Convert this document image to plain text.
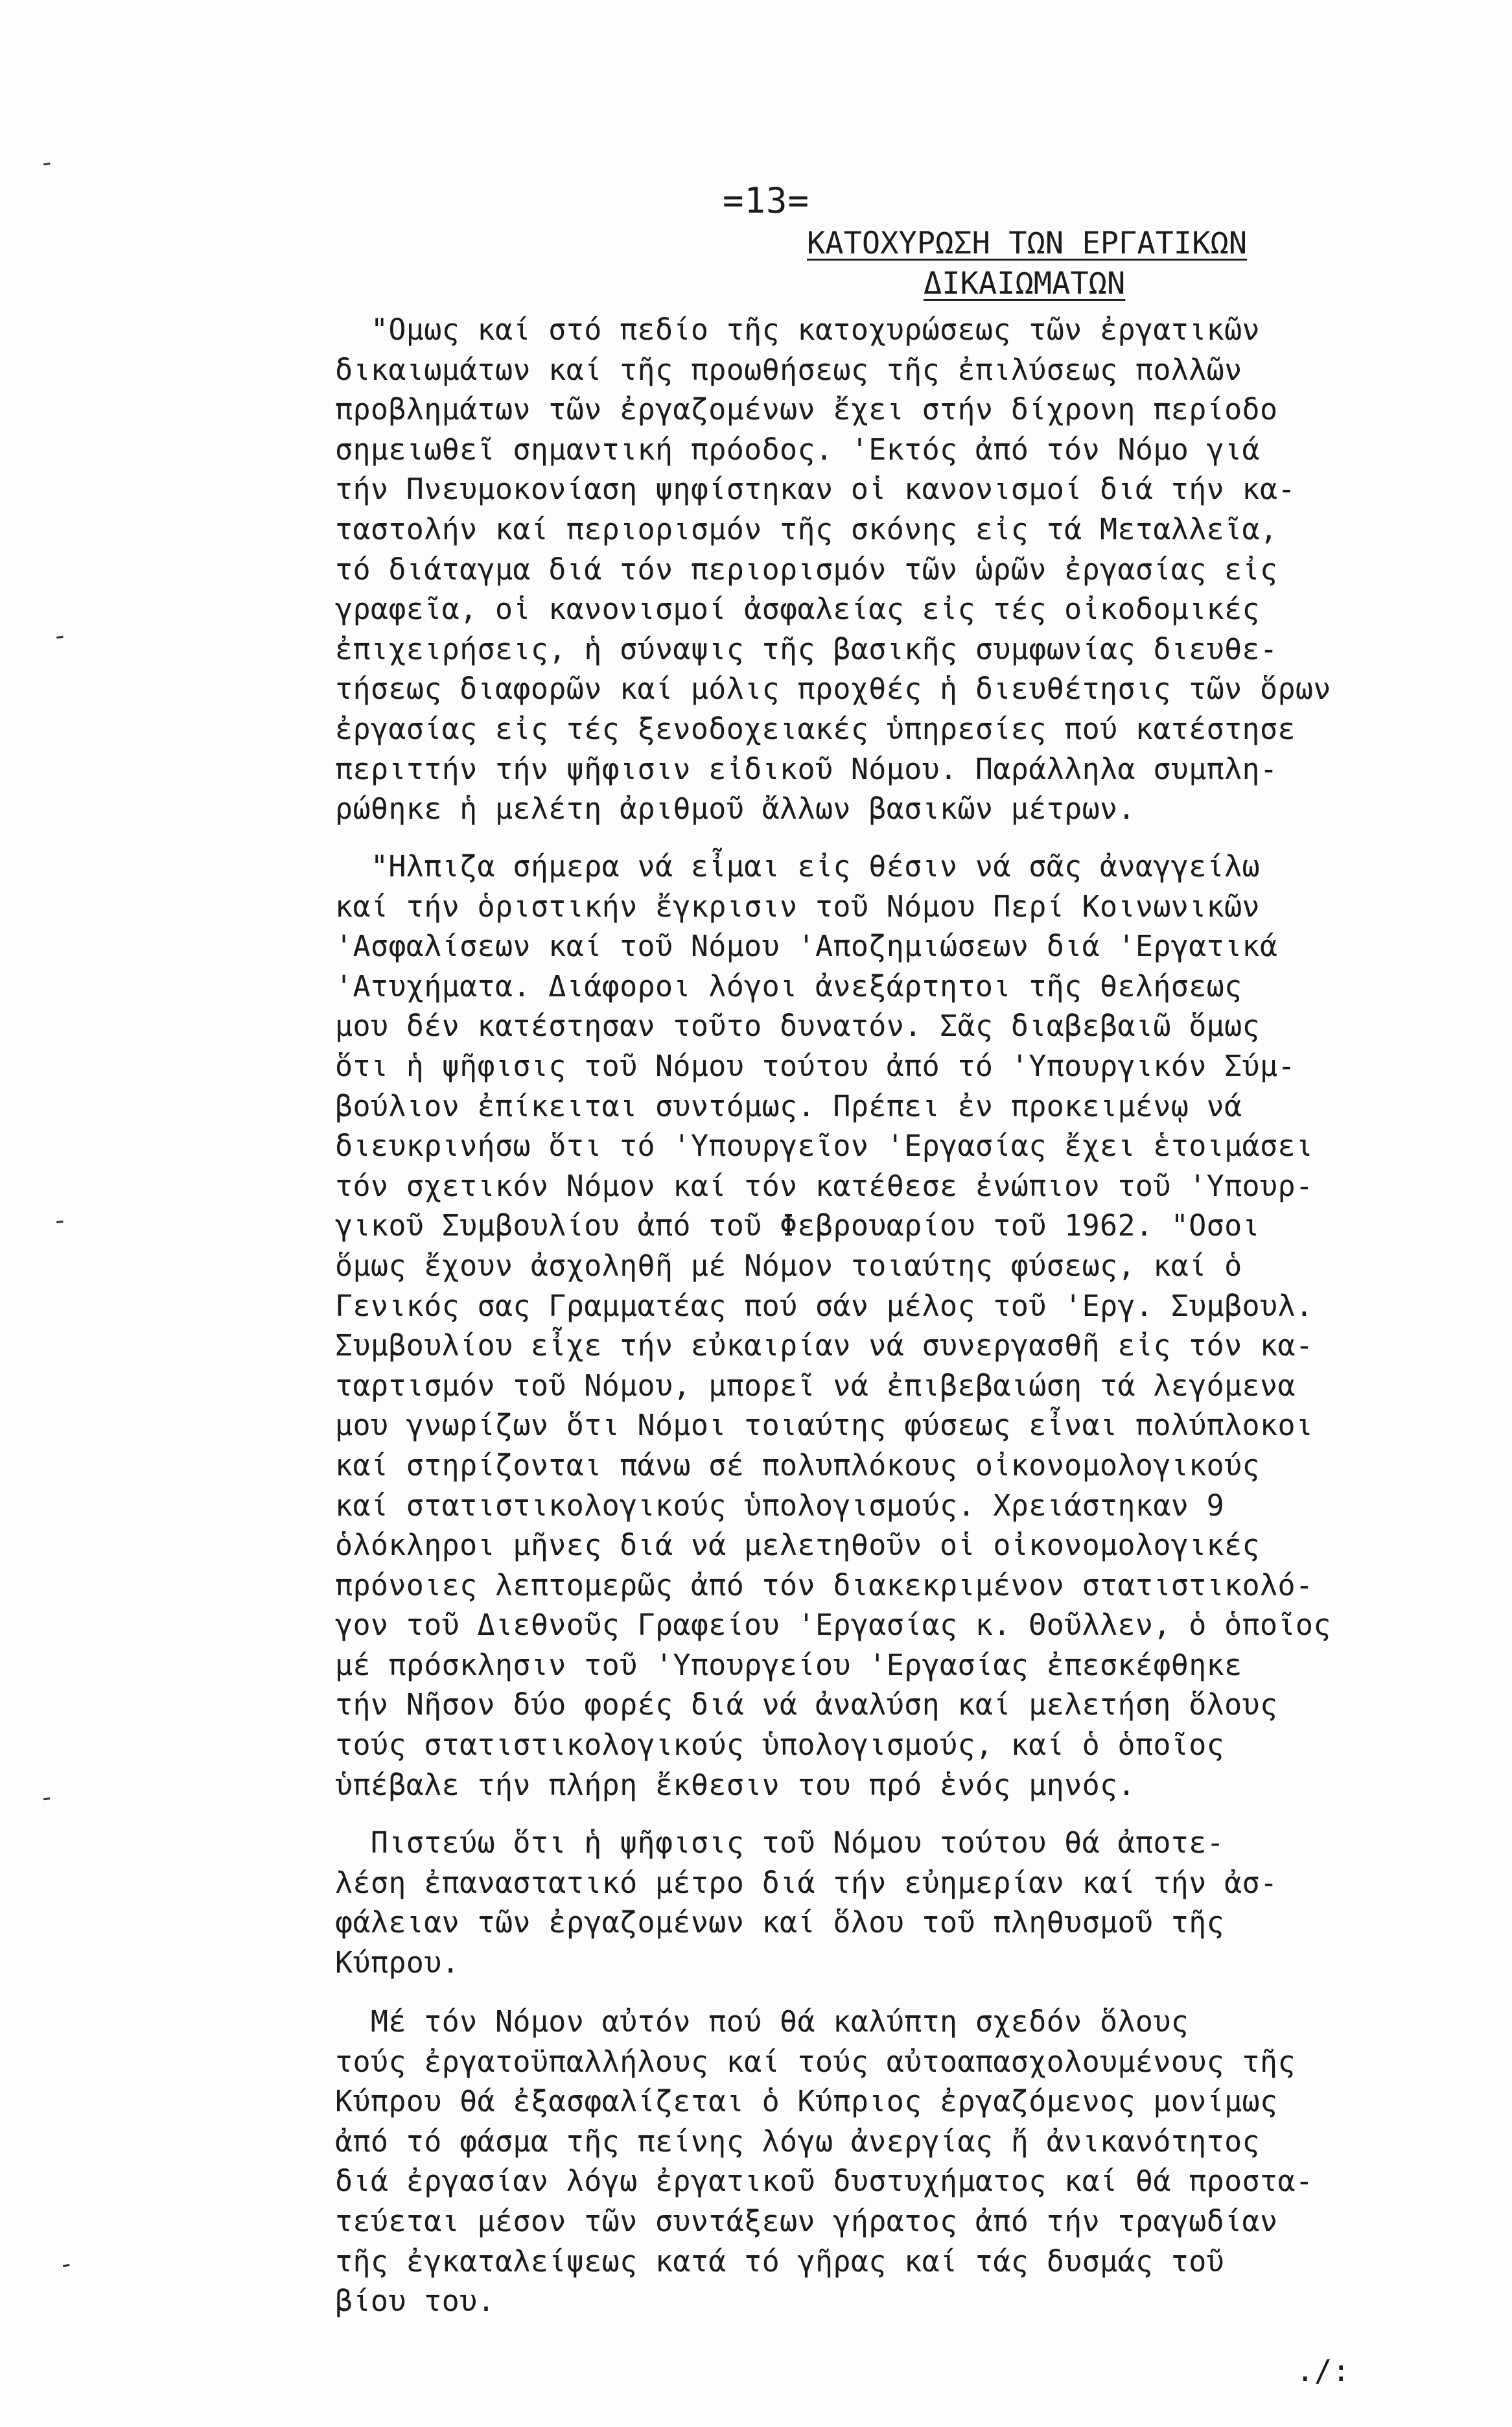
=13=
ΚΑΤΟΧΥΡΩΣΗ ΤΩΝ ΕΡΓΑΤΙΚΩΝ
ΔΙΚΑΙΩΜΑΤΩΝ
"Ομως καί στό πεδίο τῆς κατοχυρώσεως τῶν ἐργατικῶν
δικαιωμάτων καί τῆς προωθήσεως τῆς ἐπιλύσεως πολλῶν
προβλημάτων τῶν ἐργαζομένων ἔχει στήν δίχρονη περίοδο
σημειωθεῖ σημαντική πρόοδος. 'Εκτός ἀπό τόν Νόμο γιά
τήν Πνευμοκονίαση ψηφίστηκαν οἱ κανονισμοί διά τήν κα-
ταστολήν καί περιορισμόν τῆς σκόνης εἰς τά Μεταλλεῖα,
τό διάταγμα διά τόν περιορισμόν τῶν ὡρῶν ἐργασίας εἰς
γραφεῖα, οἱ κανονισμοί ἀσφαλείας εἰς τές οἰκοδομικές
ἐπιχειρήσεις, ἡ σύναψις τῆς βασικῆς συμφωνίας διευθε-
τήσεως διαφορῶν καί μόλις προχθές ἡ διευθέτησις τῶν ὅρων
ἐργασίας εἰς τές ξενοδοχειακές ὑπηρεσίες πού κατέστησε
περιττήν τήν ψῆφισιν εἰδικοῦ Νόμου. Παράλληλα συμπλη-
ρώθηκε ἡ μελέτη ἀριθμοῦ ἄλλων βασικῶν μέτρων.
"Ηλπιζα σήμερα νά εἶμαι εἰς θέσιν νά σᾶς ἀναγγείλω
καί τήν ὁριστικήν ἔγκρισιν τοῦ Νόμου Περί Κοινωνικῶν
'Ασφαλίσεων καί τοῦ Νόμου 'Αποζημιώσεων διά 'Εργατικά
'Ατυχήματα. Διάφοροι λόγοι ἀνεξάρτητοι τῆς θελήσεως
μου δέν κατέστησαν τοῦτο δυνατόν. Σᾶς διαβεβαιῶ ὅμως
ὅτι ἡ ψῆφισις τοῦ Νόμου τούτου ἀπό τό 'Υπουργικόν Σύμ-
βούλιον ἐπίκειται συντόμως. Πρέπει ἐν προκειμένῳ νά
διευκρινήσω ὅτι τό 'Υπουργεῖον 'Εργασίας ἔχει ἑτοιμάσει
τόν σχετικόν Νόμον καί τόν κατέθεσε ἐνώπιον τοῦ 'Υπουρ-
γικοῦ Συμβουλίου ἀπό τοῦ Φεβρουαρίου τοῦ 1962. "Οσοι
ὅμως ἔχουν ἀσχοληθῆ μέ Νόμον τοιαύτης φύσεως, καί ὁ
Γενικός σας Γραμματέας πού σάν μέλος τοῦ 'Εργ. Συμβουλ.
Συμβουλίου εἶχε τήν εὐκαιρίαν νά συνεργασθῆ εἰς τόν κα-
ταρτισμόν τοῦ Νόμου, μπορεῖ νά ἐπιβεβαιώση τά λεγόμενα
μου γνωρίζων ὅτι Νόμοι τοιαύτης φύσεως εἶναι πολύπλοκοι
καί στηρίζονται πάνω σέ πολυπλόκους οἰκονομολογικούς
καί στατιστικολογικούς ὑπολογισμούς. Χρειάστηκαν 9
ὁλόκληροι μῆνες διά νά μελετηθοῦν οἱ οἰκονομολογικές
πρόνοιες λεπτομερῶς ἀπό τόν διακεκριμένον στατιστικολό-
γον τοῦ Διεθνοῦς Γραφείου 'Εργασίας κ. Θοῦλλεν, ὁ ὁποῖος
μέ πρόσκλησιν τοῦ 'Υπουργείου 'Εργασίας ἐπεσκέφθηκε
τήν Νῆσον δύο φορές διά νά ἀναλύση καί μελετήση ὅλους
τούς στατιστικολογικούς ὑπολογισμούς, καί ὁ ὁποῖος
ὑπέβαλε τήν πλήρη ἔκθεσιν του πρό ἑνός μηνός.
Πιστεύω ὅτι ἡ ψῆφισις τοῦ Νόμου τούτου θά ἀποτε-
λέση ἐπαναστατικό μέτρο διά τήν εὐημερίαν καί τήν ἀσ-
φάλειαν τῶν ἐργαζομένων καί ὅλου τοῦ πληθυσμοῦ τῆς
Κύπρου.
Μέ τόν Νόμον αὐτόν πού θά καλύπτη σχεδόν ὅλους
τούς ἐργατοϋπαλλήλους καί τούς αὐτοαπασχολουμένους τῆς
Κύπρου θά ἐξασφαλίζεται ὁ Κύπριος ἐργαζόμενος μονίμως
ἀπό τό φάσμα τῆς πείνης λόγω ἀνεργίας ἤ ἀνικανότητος
διά ἐργασίαν λόγω ἐργατικοῦ δυστυχήματος καί θά προστα-
τεύεται μέσον τῶν συντάξεων γήρατος ἀπό τήν τραγωδίαν
τῆς ἐγκαταλείψεως κατά τό γῆρας καί τάς δυσμάς τοῦ
βίου του.
./:
-
-
-
-
-
